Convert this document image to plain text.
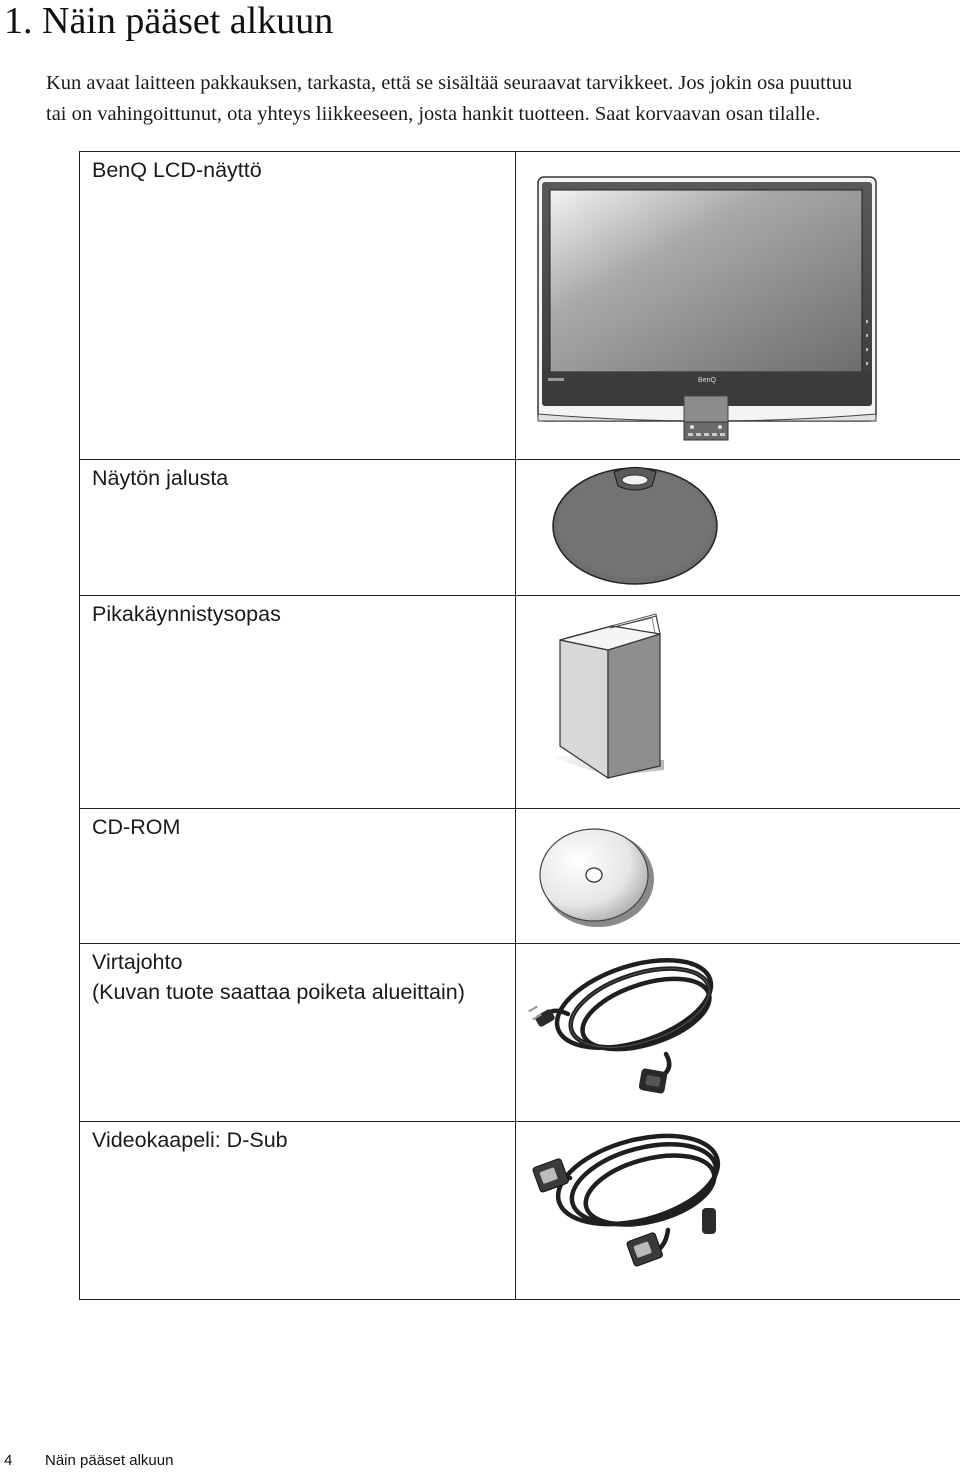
1. Näin pääset alkuun

Kun avaat laitteen pakkauksen, tarkasta, että se sisältää seuraavat tarvikkeet. Jos jokin osa puuttuu
tai on vahingoittunut, ota yhteys liikkeeseen, josta hankit tuotteen. Saat korvaavan osan tilalle.

BenQ LCD-näyttö	BenQ

Näytön jalusta

Pikakäynnistysopas

CD-ROM

Virtajohto
(Kuvan tuote saattaa poiketa alueittain)

Videokaapeli: D-Sub

4 Näin pääset alkuun
